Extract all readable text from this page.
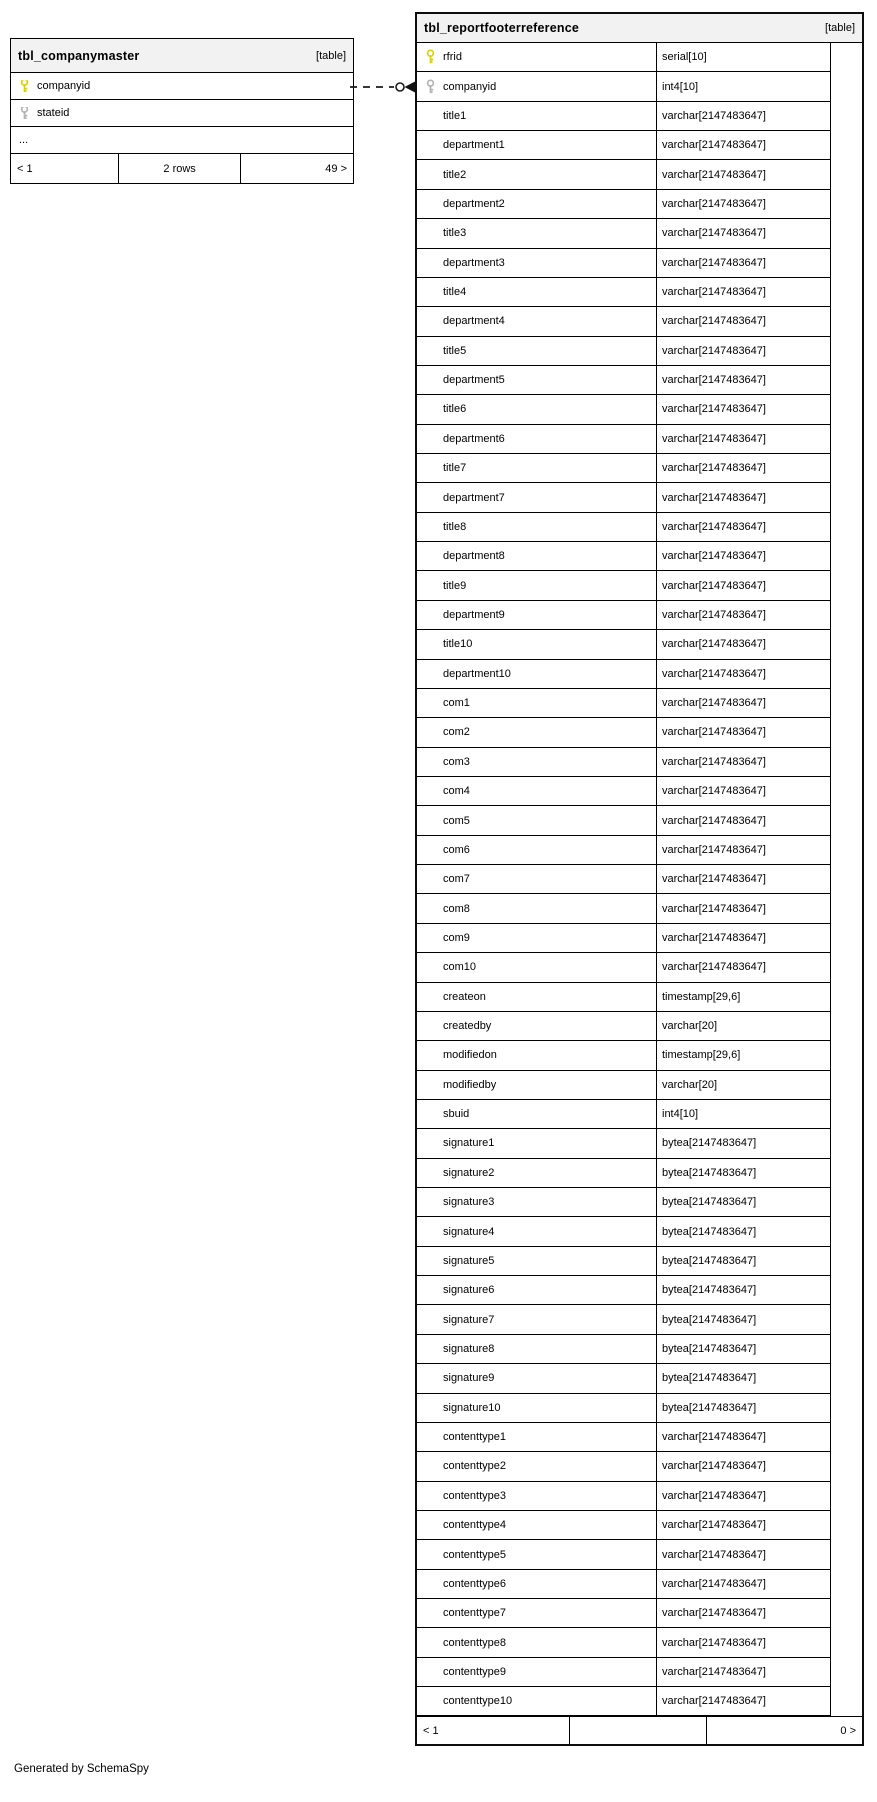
tbl_companymaster	[table]
companyid
stateid
...
< 1	2 rows	49 >
tbl_reportfooterreference	[table]
rfrid	serial[10]
companyid	int4[10]
title1	varchar[2147483647]
department1	varchar[2147483647]
title2	varchar[2147483647]
department2	varchar[2147483647]
title3	varchar[2147483647]
department3	varchar[2147483647]
title4	varchar[2147483647]
department4	varchar[2147483647]
title5	varchar[2147483647]
department5	varchar[2147483647]
title6	varchar[2147483647]
department6	varchar[2147483647]
title7	varchar[2147483647]
department7	varchar[2147483647]
title8	varchar[2147483647]
department8	varchar[2147483647]
title9	varchar[2147483647]
department9	varchar[2147483647]
title10	varchar[2147483647]
department10	varchar[2147483647]
com1	varchar[2147483647]
com2	varchar[2147483647]
com3	varchar[2147483647]
com4	varchar[2147483647]
com5	varchar[2147483647]
com6	varchar[2147483647]
com7	varchar[2147483647]
com8	varchar[2147483647]
com9	varchar[2147483647]
com10	varchar[2147483647]
createon	timestamp[29,6]
createdby	varchar[20]
modifiedon	timestamp[29,6]
modifiedby	varchar[20]
sbuid	int4[10]
signature1	bytea[2147483647]
signature2	bytea[2147483647]
signature3	bytea[2147483647]
signature4	bytea[2147483647]
signature5	bytea[2147483647]
signature6	bytea[2147483647]
signature7	bytea[2147483647]
signature8	bytea[2147483647]
signature9	bytea[2147483647]
signature10	bytea[2147483647]
contenttype1	varchar[2147483647]
contenttype2	varchar[2147483647]
contenttype3	varchar[2147483647]
contenttype4	varchar[2147483647]
contenttype5	varchar[2147483647]
contenttype6	varchar[2147483647]
contenttype7	varchar[2147483647]
contenttype8	varchar[2147483647]
contenttype9	varchar[2147483647]
contenttype10	varchar[2147483647]
< 1	0 >
Generated by SchemaSpy
